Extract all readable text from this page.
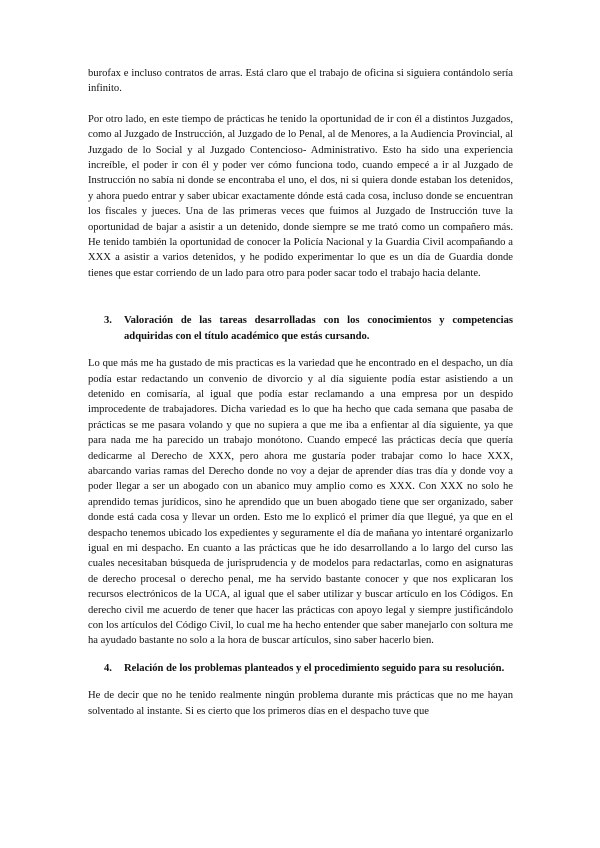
burofax e incluso contratos de arras. Está claro que el trabajo de oficina si siguiera contándolo sería infinito.

Por otro lado, en este tiempo de prácticas he tenido la oportunidad de ir con él a distintos Juzgados, como al Juzgado de Instrucción, al Juzgado de lo Penal, al de Menores, a la Audiencia Provincial, al Juzgado de lo Social y al Juzgado Contencioso- Administrativo. Esto ha sido una experiencia increíble, el poder ir con él y poder ver cómo funciona todo, cuando empecé a ir al Juzgado de Instrucción no sabía ni donde se encontraba el uno, el dos, ni si quiera donde estaban los detenidos, y ahora puedo entrar y saber ubicar exactamente dónde está cada cosa, incluso donde se encuentran los fiscales y jueces. Una de las primeras veces que fuimos al Juzgado de Instrucción tuve la oportunidad de bajar a asistir a un detenido, donde siempre se me trató como un compañero más. He tenido también la oportunidad de conocer la Policía Nacional y la Guardia Civil acompañando a XXX a asistir a varios detenidos, y he podido experimentar lo que es un día de Guardia donde tienes que estar corriendo de un lado para otro para poder sacar todo el trabajo hacia delante.

3.	Valoración de las tareas desarrolladas con los conocimientos y competencias adquiridas con el título académico que estás cursando.

Lo que más me ha gustado de mis practicas es la variedad que he encontrado en el despacho, un día podía estar redactando un convenio de divorcio y al día siguiente podía estar asistiendo a un detenido en comisaría, al igual que podía estar reclamando a una empresa por un despido improcedente de trabajadores. Dicha variedad es lo que ha hecho que cada semana que pasaba de prácticas se me pasara volando y que no supiera a que me iba a enfientar al día siguiente, ya que para nada me ha parecido un trabajo monótono. Cuando empecé las prácticas decía que quería dedicarme al Derecho de XXX, pero ahora me gustaría poder trabajar como lo hace XXX, abarcando varias ramas del Derecho donde no voy a dejar de aprender días tras día y donde voy a poder llegar a ser un abogado con un abanico muy amplio como es XXX. Con XXX no solo he aprendido temas jurídicos, sino he aprendido que un buen abogado tiene que ser organizado, saber donde está cada cosa y llevar un orden. Esto me lo explicó el primer día que llegué, ya que en el despacho tenemos ubicado los expedientes y seguramente el día de mañana yo intentaré organizarlo igual en mi despacho. En cuanto a las prácticas que he ido desarrollando a lo largo del curso las cuales necesitaban búsqueda de jurisprudencia y de modelos para redactarlas, como en asignaturas de derecho procesal o derecho penal, me ha servido bastante conocer y que nos explicaran los recursos electrónicos de la UCA, al igual que el saber utilizar y buscar artículo en los Códigos. En derecho civil me acuerdo de tener que hacer las prácticas con apoyo legal y siempre justificándolo con los artículos del Código Civil, lo cual me ha hecho entender que saber manejarlo con soltura me ha ayudado bastante no solo a la hora de buscar artículos, sino saber hacerlo bien.

4.	Relación de los problemas planteados y el procedimiento seguido para su resolución.

He de decir que no he tenido realmente ningún problema durante mis prácticas que no me hayan solventado al instante. Si es cierto que los primeros días en el despacho tuve que
